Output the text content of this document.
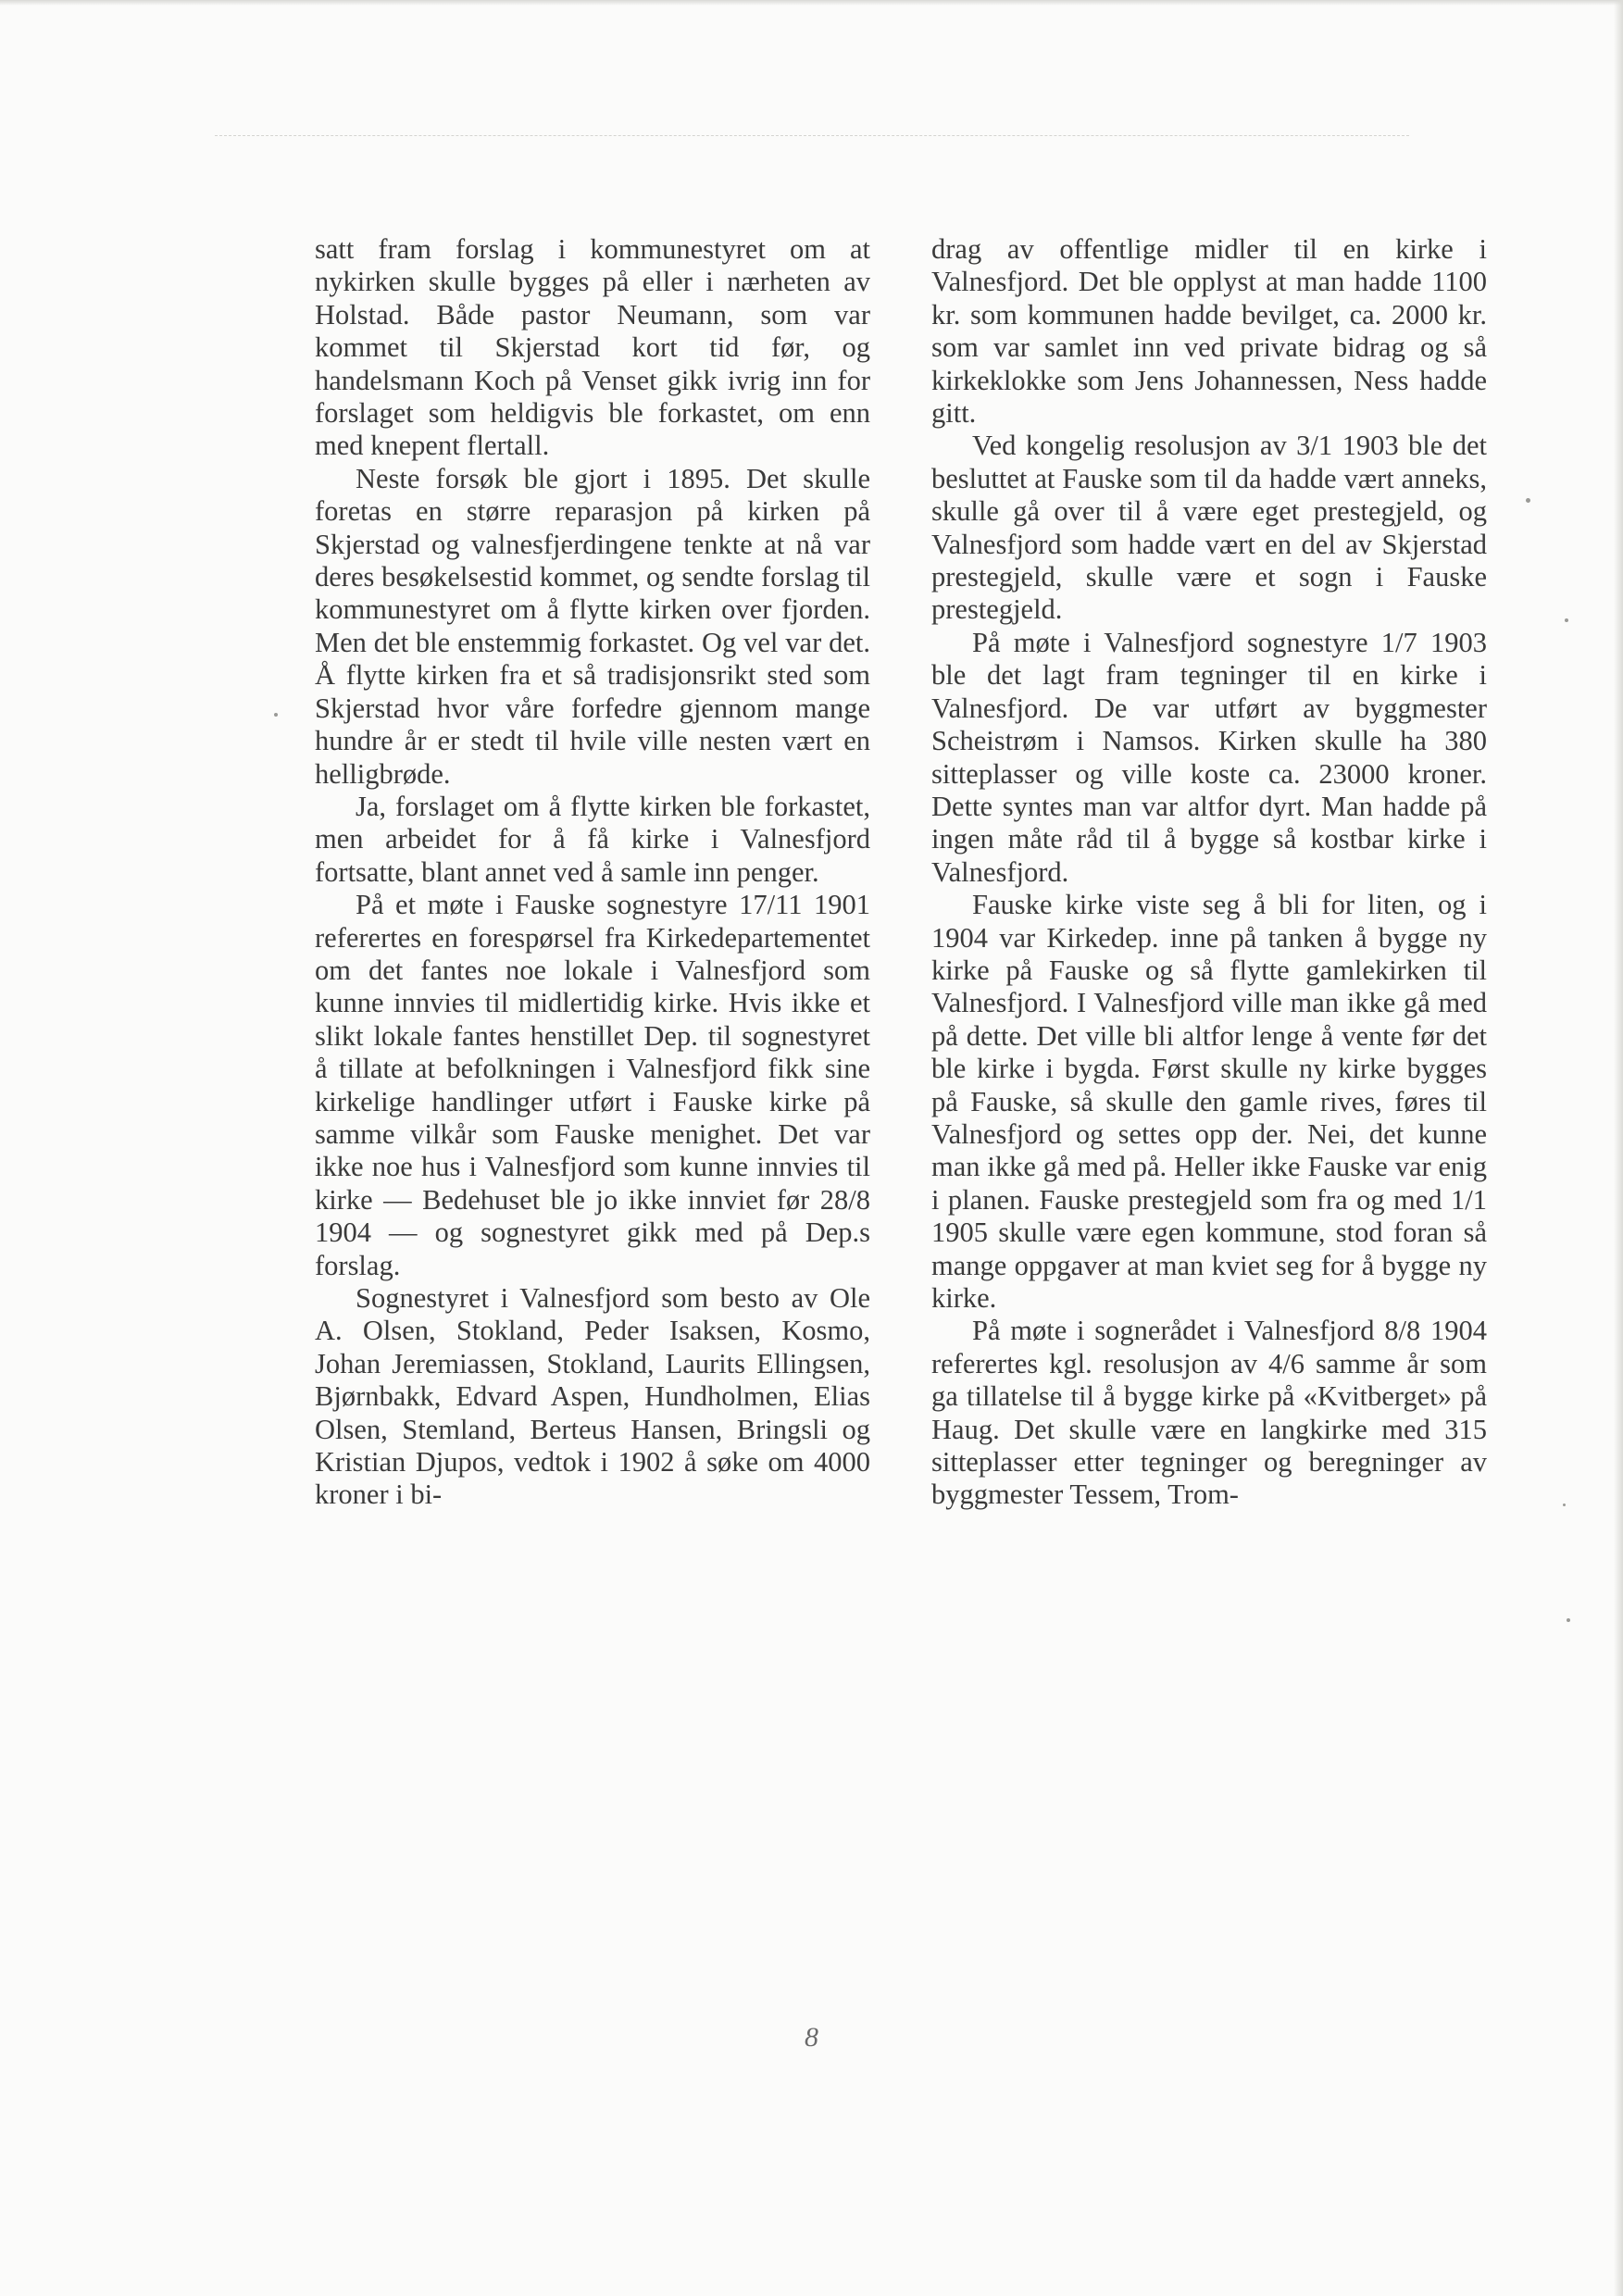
satt fram forslag i kommunestyret om at nykirken skulle bygges på eller i nærheten av Holstad. Både pastor Neumann, som var kommet til Skjerstad kort tid før, og handelsmann Koch på Venset gikk ivrig inn for forslaget som heldigvis ble forkastet, om enn med knepent flertall.

Neste forsøk ble gjort i 1895. Det skulle foretas en større reparasjon på kirken på Skjerstad og valnesfjerdingene tenkte at nå var deres besøkelsestid kommet, og sendte forslag til kommunestyret om å flytte kirken over fjorden. Men det ble enstemmig forkastet. Og vel var det. Å flytte kirken fra et så tradisjonsrikt sted som Skjerstad hvor våre forfedre gjennom mange hundre år er stedt til hvile ville nesten vært en helligbrøde.

Ja, forslaget om å flytte kirken ble forkastet, men arbeidet for å få kirke i Valnesfjord fortsatte, blant annet ved å samle inn penger.

På et møte i Fauske sognestyre 17/11 1901 referertes en forespørsel fra Kirkedepartementet om det fantes noe lokale i Valnesfjord som kunne innvies til midlertidig kirke. Hvis ikke et slikt lokale fantes henstillet Dep. til sognestyret å tillate at befolkningen i Valnesfjord fikk sine kirkelige handlinger utført i Fauske kirke på samme vilkår som Fauske menighet. Det var ikke noe hus i Valnesfjord som kunne innvies til kirke — Bedehuset ble jo ikke innviet før 28/8 1904 — og sognestyret gikk med på Dep.s forslag.

Sognestyret i Valnesfjord som besto av Ole A. Olsen, Stokland, Peder Isaksen, Kosmo, Johan Jeremiassen, Stokland, Laurits Ellingsen, Bjørnbakk, Edvard Aspen, Hundholmen, Elias Olsen, Stemland, Berteus Hansen, Bringsli og Kristian Djupos, vedtok i 1902 å søke om 4000 kroner i bi-

drag av offentlige midler til en kirke i Valnesfjord. Det ble opplyst at man hadde 1100 kr. som kommunen hadde bevilget, ca. 2000 kr. som var samlet inn ved private bidrag og så kirkeklokke som Jens Johannessen, Ness hadde gitt.

Ved kongelig resolusjon av 3/1 1903 ble det besluttet at Fauske som til da hadde vært anneks, skulle gå over til å være eget prestegjeld, og Valnesfjord som hadde vært en del av Skjerstad prestegjeld, skulle være et sogn i Fauske prestegjeld.

På møte i Valnesfjord sognestyre 1/7 1903 ble det lagt fram tegninger til en kirke i Valnesfjord. De var utført av byggmester Scheistrøm i Namsos. Kirken skulle ha 380 sitteplasser og ville koste ca. 23000 kroner. Dette syntes man var altfor dyrt. Man hadde på ingen måte råd til å bygge så kostbar kirke i Valnesfjord.

Fauske kirke viste seg å bli for liten, og i 1904 var Kirkedep. inne på tanken å bygge ny kirke på Fauske og så flytte gamlekirken til Valnesfjord. I Valnesfjord ville man ikke gå med på dette. Det ville bli altfor lenge å vente før det ble kirke i bygda. Først skulle ny kirke bygges på Fauske, så skulle den gamle rives, føres til Valnesfjord og settes opp der. Nei, det kunne man ikke gå med på. Heller ikke Fauske var enig i planen. Fauske prestegjeld som fra og med 1/1 1905 skulle være egen kommune, stod foran så mange oppgaver at man kviet seg for å bygge ny kirke.

På møte i sognerådet i Valnesfjord 8/8 1904 referertes kgl. resolusjon av 4/6 samme år som ga tillatelse til å bygge kirke på «Kvitberget» på Haug. Det skulle være en langkirke med 315 sitteplasser etter tegninger og beregninger av byggmester Tessem, Trom-

8
